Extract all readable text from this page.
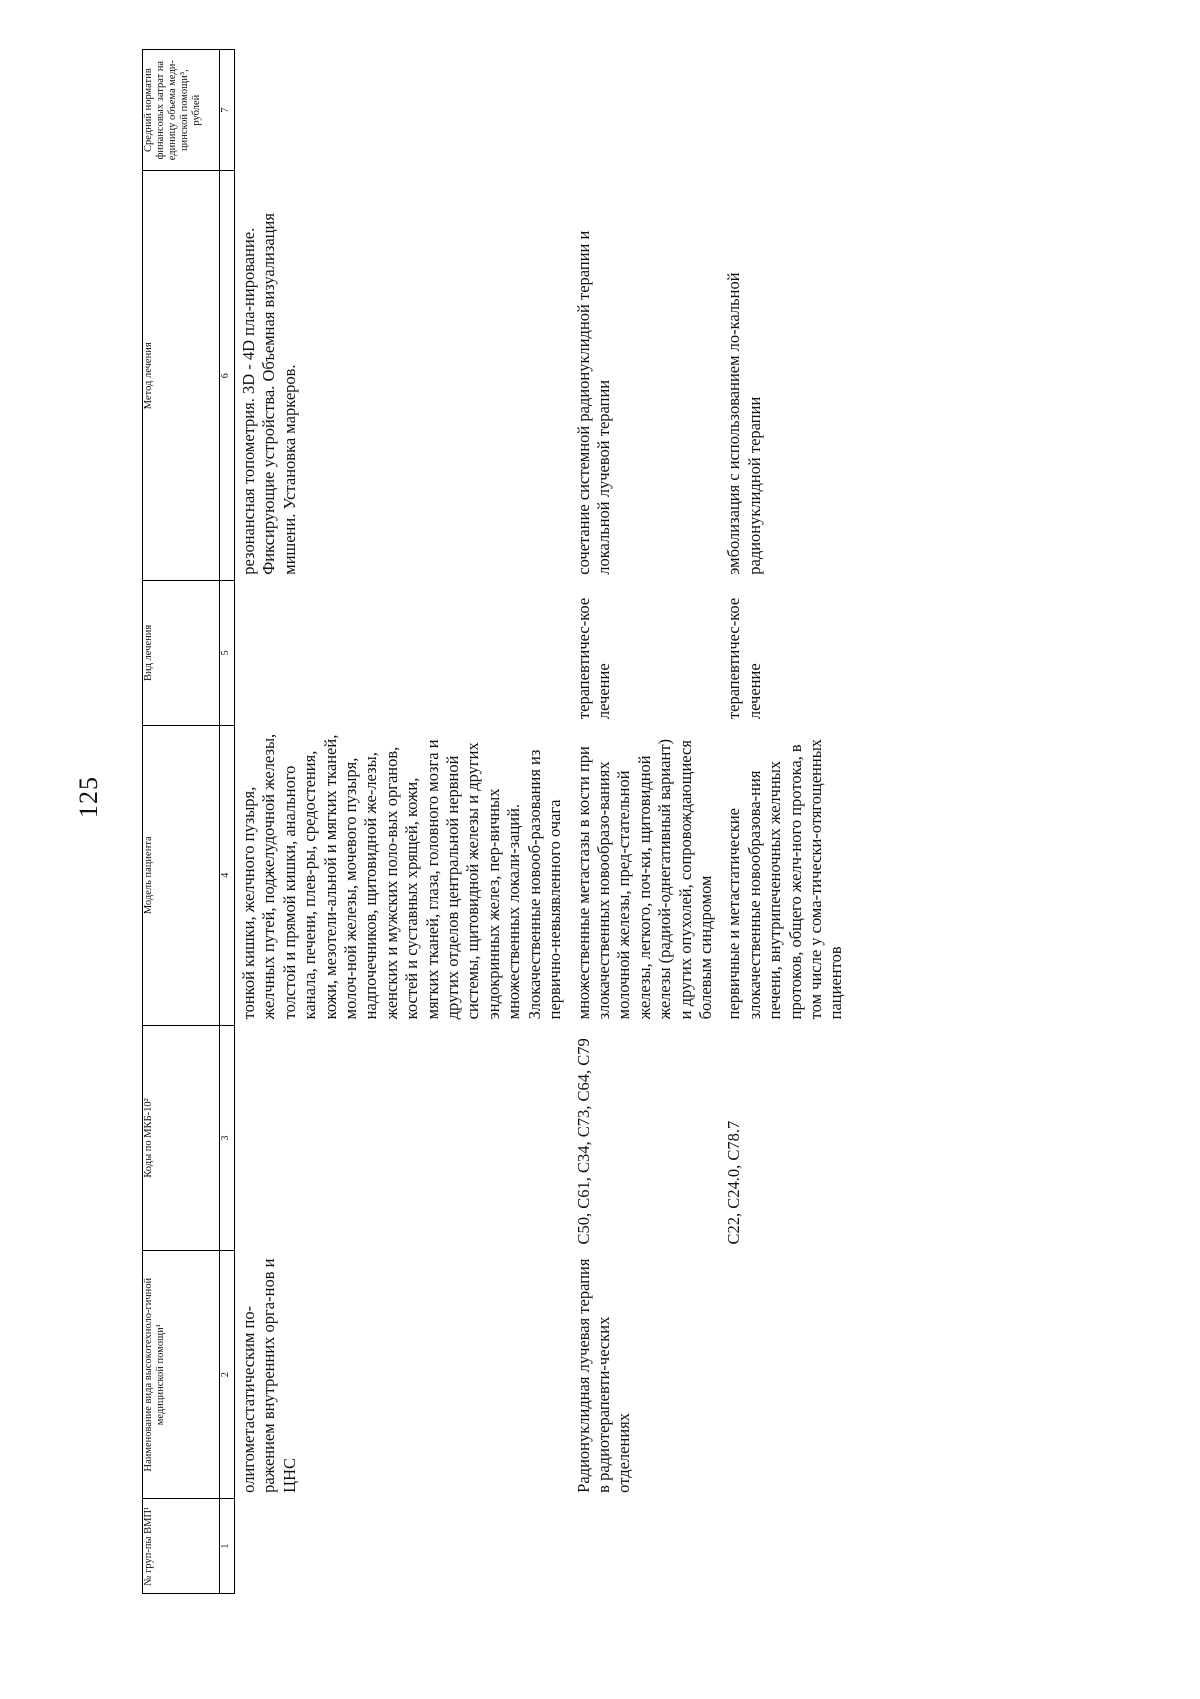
125
№ груп-пы ВМП¹	Наименование вида высокотехноло-гичной медицинской помощи¹	Коды по МКБ-10²	Модель пациента	Вид лечения	Метод лечения	Средний норматив финансовых затрат на единицу объема меди-цинской помощи³, рублей
1	2	3	4	5	6	7
	олигометастатическим по-ражением внутренних орга-нов и ЦНС		тонкой кишки, желчного пузыря, желчных путей, поджелудочной железы, толстой и прямой кишки, анального канала, печени, плев-ры, средостения, кожи, мезотели-альной и мягких тканей, молоч-ной железы, мочевого пузыря, надпочечников, щитовидной же-лезы, женских и мужских поло-вых органов, костей и суставных хрящей, кожи, мягких тканей, глаза, головного мозга и других отделов центральной нервной системы, щитовидной железы и других эндокринных желез, пер-вичных множественных локали-заций. Злокачественные новооб-разования из первично-невыявленного очага		резонансная топометрия. 3D - 4D пла-нирование. Фиксирующие устройства. Объемная визуализация мишени. Установка маркеров.	
	Радионуклидная лучевая терапия в радиотерапевти-ческих отделениях	C50, C61, C34, C73, C64, C79	множественные метастазы в кости при злокачественных новообразо-ваниях молочной железы, пред-стательной железы, легкого, поч-ки, щитовидной железы (радиой-однегативный вариант) и других опухолей, сопровождающиеся болевым синдромом	терапевтичес-кое лечение	сочетание системной радионуклидной терапии и локальной лучевой терапии	
		C22, C24.0, C78.7	первичные и метастатические злокачественные новообразова-ния печени, внутрипеченочных желчных протоков, общего желч-ного протока, в том числе у сома-тически-отягощенных пациентов	терапевтичес-кое лечение	эмболизация с использованием ло-кальной радионуклидной терапии	
